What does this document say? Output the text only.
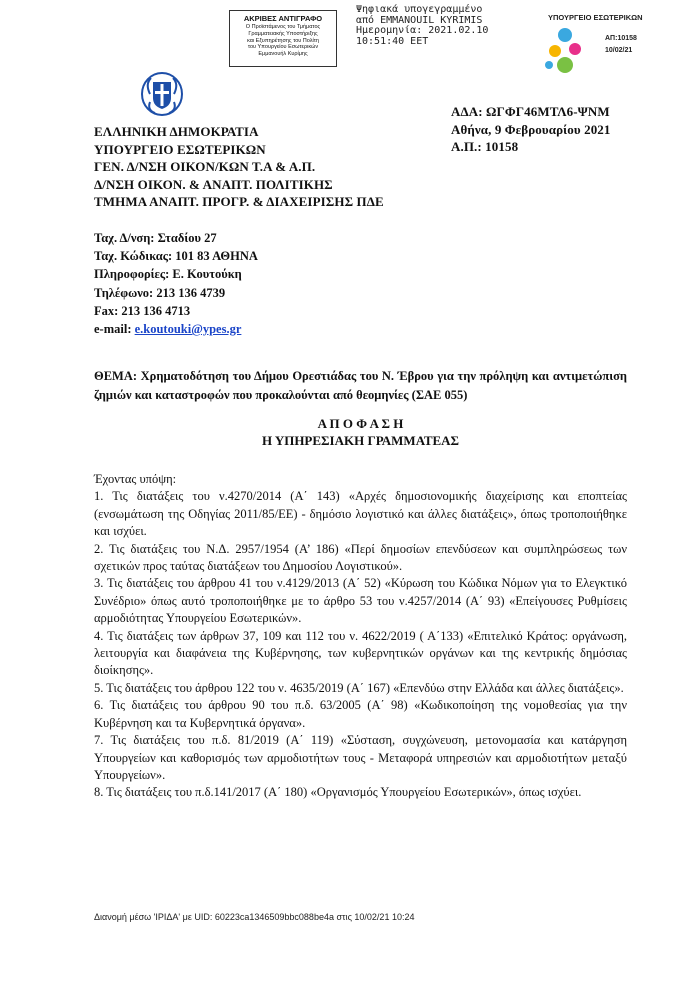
ΑΚΡΙΒΕΣ ΑΝΤΙΓΡΑΦΟ
Ο Προϊστάμενος του Τμήματος
Γραμματειακής Υποστήριξης
και Εξυπηρέτησης του Πολίτη
του Υπουργείου Εσωτερικών
Εμμανουήλ Κυρίμης
Ψηφιακά υπογεγραμμένο
από EMMANOUIL KYRIMIS
Ημερομηνία: 2021.02.10
10:51:40 EET
ΥΠΟΥΡΓΕΙΟ ΕΣΩΤΕΡΙΚΩΝ
ΑΠ:10158
10/02/21
ΕΛΛΗΝΙΚΗ ΔΗΜΟΚΡΑΤΙΑ
ΥΠΟΥΡΓΕΙΟ ΕΣΩΤΕΡΙΚΩΝ
ΓΕΝ. Δ/ΝΣΗ ΟΙΚΟΝ/ΚΩΝ Τ.Α & Α.Π.
Δ/ΝΣΗ ΟΙΚΟΝ. & ΑΝΑΠΤ. ΠΟΛΙΤΙΚΗΣ
ΤΜΗΜΑ ΑΝΑΠΤ. ΠΡΟΓΡ. & ΔΙΑΧΕΙΡΙΣΗΣ ΠΔΕ
ΑΔΑ: ΩΓΦΓ46ΜΤΛ6-ΨΝΜ
Αθήνα, 9 Φεβρουαρίου 2021
Α.Π.: 10158
Ταχ. Δ/νση: Σταδίου 27
Ταχ. Κώδικας: 101 83 ΑΘΗΝΑ
Πληροφορίες: Ε. Κουτούκη
Τηλέφωνο: 213 136 4739
Fax: 213 136 4713
e-mail: e.koutouki@ypes.gr
ΘΕΜΑ: Χρηματοδότηση του Δήμου Ορεστιάδας του Ν. Έβρου για την πρόληψη και αντιμετώπιση ζημιών και καταστροφών που προκαλούνται από θεομηνίες (ΣΑΕ 055)
Α Π Ο Φ Α Σ Η
Η ΥΠΗΡΕΣΙΑΚΗ ΓΡΑΜΜΑΤΕΑΣ

Έχοντας υπόψη:

1. Τις διατάξεις του ν.4270/2014 (Α΄ 143) «Αρχές δημοσιονομικής διαχείρισης και εποπτείας (ενσωμάτωση της Οδηγίας 2011/85/ΕΕ) - δημόσιο λογιστικό και άλλες διατάξεις», όπως τροποποιήθηκε και ισχύει.

2. Τις διατάξεις του Ν.Δ. 2957/1954 (Α’ 186) «Περί δημοσίων επενδύσεων και συμπληρώσεως των σχετικών προς ταύτας διατάξεων του Δημοσίου Λογιστικού».

3. Τις διατάξεις του άρθρου 41 του ν.4129/2013 (Α΄ 52) «Κύρωση του Κώδικα Νόμων για το Ελεγκτικό Συνέδριο» όπως αυτό τροποποιήθηκε με το άρθρο 53 του ν.4257/2014 (Α΄ 93) «Επείγουσες Ρυθμίσεις αρμοδιότητας Υπουργείου Εσωτερικών».

4. Τις διατάξεις των άρθρων 37, 109 και 112 του ν. 4622/2019 ( Α΄133) «Επιτελικό Κράτος: οργάνωση, λειτουργία και διαφάνεια της Κυβέρνησης, των κυβερνητικών οργάνων και της κεντρικής δημόσιας διοίκησης».

5. Τις διατάξεις του άρθρου 122 του ν. 4635/2019 (Α΄ 167) «Επενδύω στην Ελλάδα και άλλες διατάξεις».

6. Τις διατάξεις του άρθρου 90 του π.δ. 63/2005 (Α΄ 98) «Κωδικοποίηση της νομοθεσίας για την Κυβέρνηση και τα Κυβερνητικά όργανα».

7. Τις διατάξεις του π.δ. 81/2019 (Α΄ 119) «Σύσταση, συγχώνευση, μετονομασία και κατάργηση Υπουργείων και καθορισμός των αρμοδιοτήτων τους - Μεταφορά υπηρεσιών και αρμοδιοτήτων μεταξύ Υπουργείων».

8. Τις διατάξεις του π.δ.141/2017 (Α΄ 180) «Οργανισμός Υπουργείου Εσωτερικών», όπως ισχύει.

Διανομή μέσω 'ΙΡΙΔΑ' με UID: 60223ca1346509bbc088be4a στις 10/02/21 10:24
